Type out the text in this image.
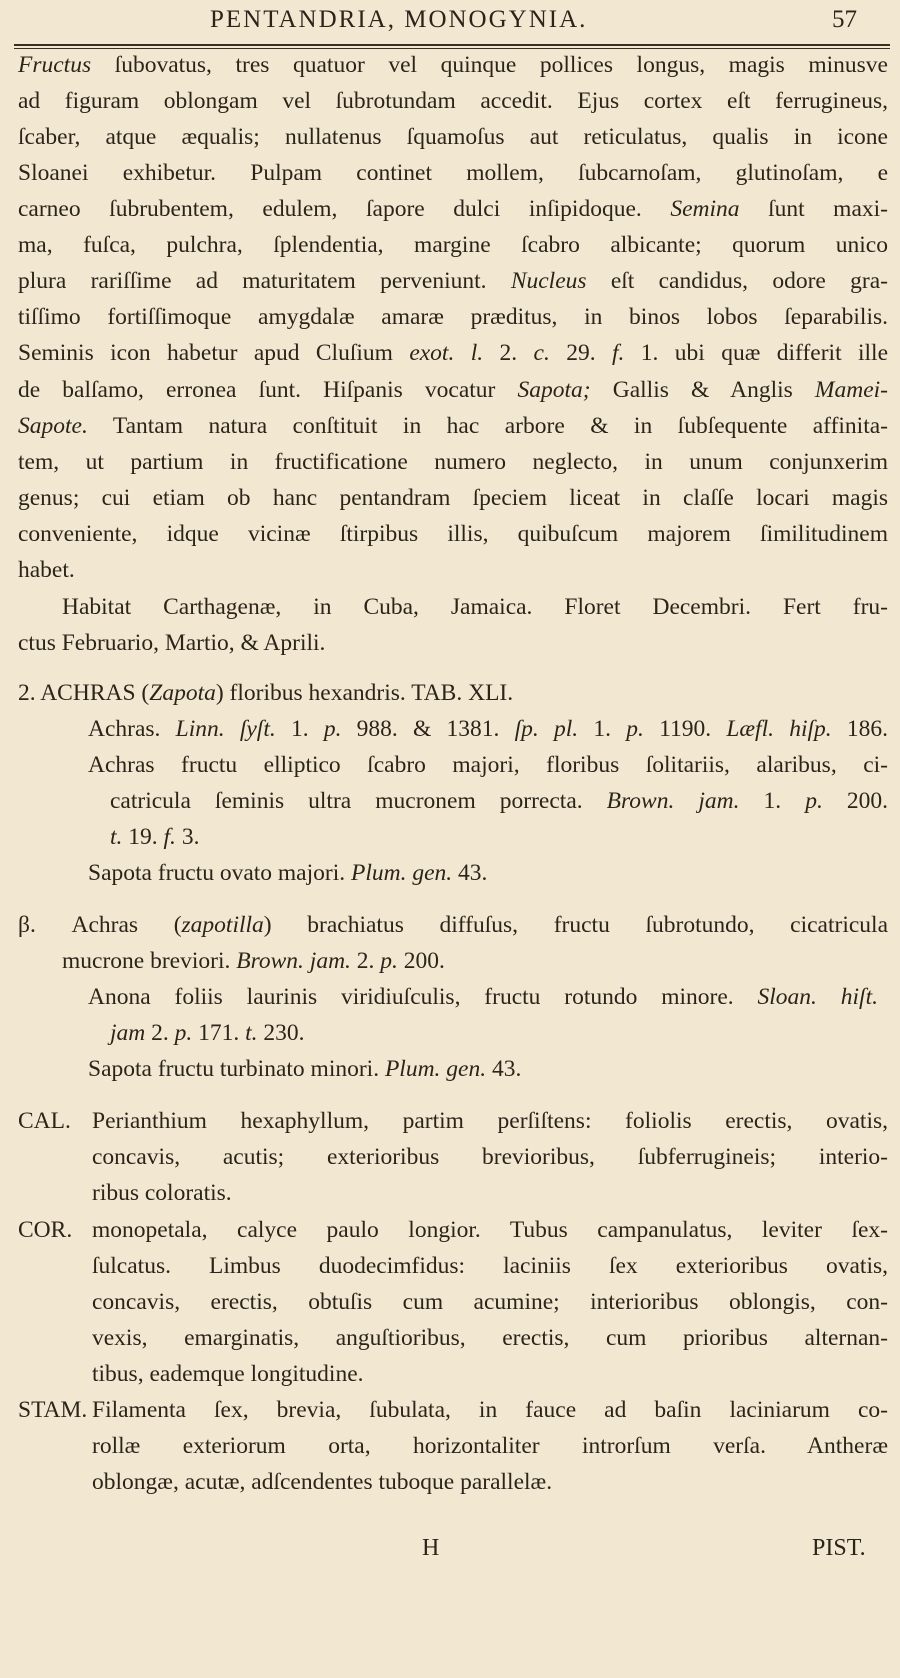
PENTANDRIA, MONOGYNIA.	57
Fructus ſubovatus, tres quatuor vel quinque pollices longus, magis minusve
ad figuram oblongam vel ſubrotundam accedit. Ejus cortex eſt ferrugineus,
ſcaber, atque æqualis; nullatenus ſquamoſus aut reticulatus, qualis in icone
Sloanei exhibetur. Pulpam continet mollem, ſubcarnoſam, glutinoſam, e
carneo ſubrubentem, edulem, ſapore dulci inſipidoque. Semina ſunt maxi-
ma, fuſca, pulchra, ſplendentia, margine ſcabro albicante; quorum unico
plura rariſſime ad maturitatem perveniunt. Nucleus eſt candidus, odore gra-
tiſſimo fortiſſimoque amygdalæ amaræ præditus, in binos lobos ſeparabilis.
Seminis icon habetur apud Cluſium exot. l. 2. c. 29. f. 1. ubi quæ differit ille
de balſamo, erronea ſunt. Hiſpanis vocatur Sapota; Gallis & Anglis Mamei-
Sapote. Tantam natura conſtituit in hac arbore & in ſubſequente affinita-
tem, ut partium in fructificatione numero neglecto, in unum conjunxerim
genus; cui etiam ob hanc pentandram ſpeciem liceat in claſſe locari magis
conveniente, idque vicinæ ſtirpibus illis, quibuſcum majorem ſimilitudinem
habet.
Habitat Carthagenæ, in Cuba, Jamaica. Floret Decembri. Fert fru-
ctus Februario, Martio, & Aprili.
2. ACHRAS (Zapota) floribus hexandris. TAB. XLI.
Achras. Linn. ſyſt. 1. p. 988. & 1381. ſp. pl. 1. p. 1190. Læfl. hiſp. 186.
Achras fructu elliptico ſcabro majori, floribus ſolitariis, alaribus, ci-
catricula ſeminis ultra mucronem porrecta. Brown. jam. 1. p. 200.
t. 19. f. 3.
Sapota fructu ovato majori. Plum. gen. 43.
β. Achras (zapotilla) brachiatus diffuſus, fructu ſubrotundo, cicatricula
mucrone breviori. Brown. jam. 2. p. 200.
Anona foliis laurinis viridiuſculis, fructu rotundo minore. Sloan. hiſt.
jam 2. p. 171. t. 230.
Sapota fructu turbinato minori. Plum. gen. 43.
CAL. Perianthium hexaphyllum, partim perſiſtens: foliolis erectis, ovatis,
concavis, acutis; exterioribus brevioribus, ſubferrugineis; interio-
ribus coloratis.
COR. monopetala, calyce paulo longior. Tubus campanulatus, leviter ſex-
ſulcatus. Limbus duodecimfidus: laciniis ſex exterioribus ovatis,
concavis, erectis, obtuſis cum acumine; interioribus oblongis, con-
vexis, emarginatis, anguſtioribus, erectis, cum prioribus alternan-
tibus, eademque longitudine.
STAM. Filamenta ſex, brevia, ſubulata, in fauce ad baſin laciniarum co-
rollæ exteriorum orta, horizontaliter introrſum verſa. Antheræ
oblongæ, acutæ, adſcendentes tuboque parallelæ.
H	PIST.
